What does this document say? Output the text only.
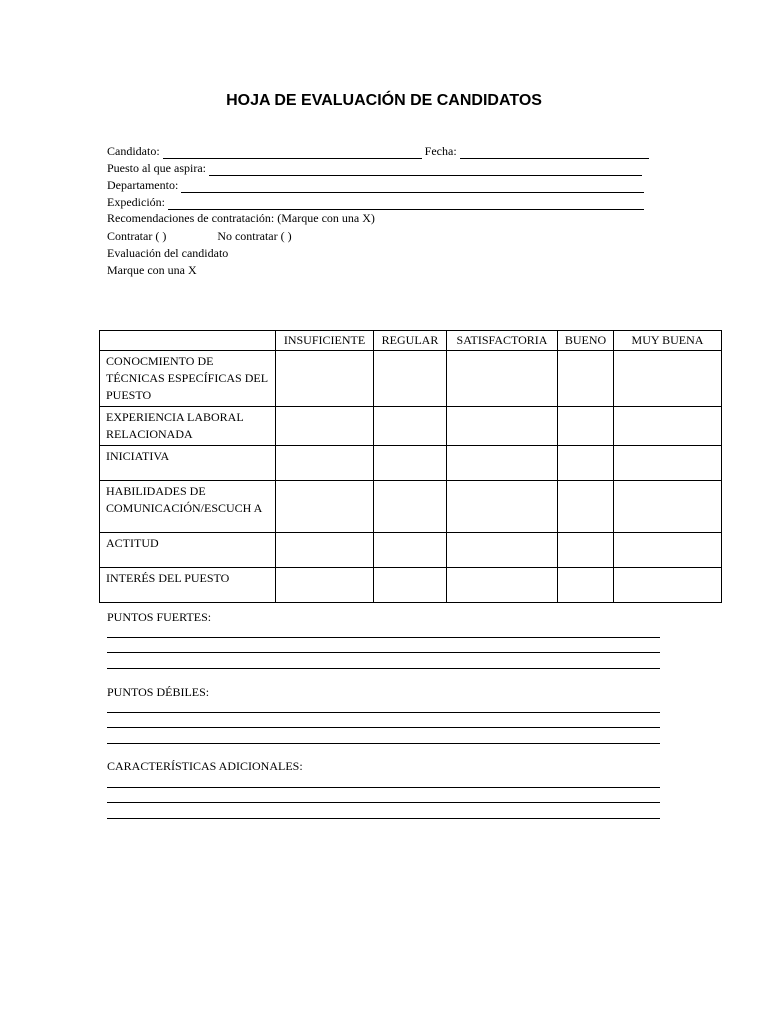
HOJA DE EVALUACIÓN DE CANDIDATOS
Candidato:	Fecha:
Puesto al que aspira:
Departamento:
Expedición:
Recomendaciones de contratación: (Marque con una X)
Contratar ( )	No contratar ( )
Evaluación del candidato
Marque con una X
	INSUFICIENTE	REGULAR	SATISFACTORIA	BUENO	MUY BUENA
CONOCMIENTO DE TÉCNICAS ESPECÍFICAS DEL PUESTO					
EXPERIENCIA LABORAL RELACIONADA					
INICIATIVA					
HABILIDADES DE COMUNICACIÓN/ESCUCH A					
ACTITUD					
INTERÉS DEL PUESTO					
PUNTOS FUERTES:
PUNTOS DÉBILES:
CARACTERÍSTICAS ADICIONALES:
